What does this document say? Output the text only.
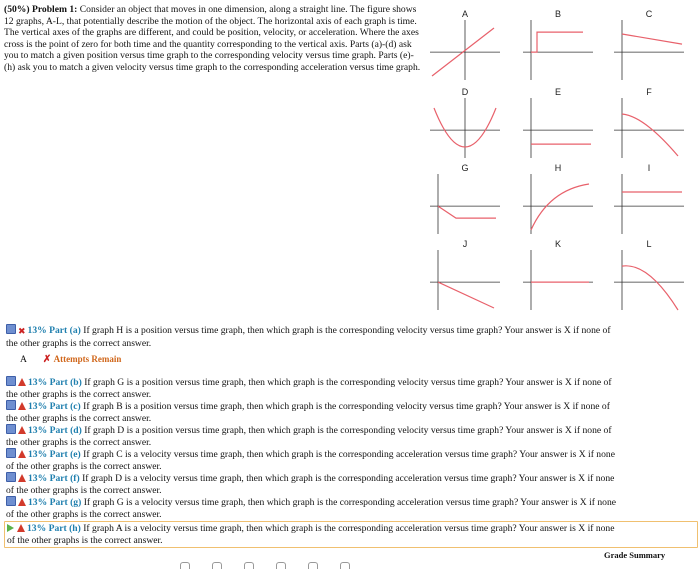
(50%) Problem 1: Consider an object that moves in one dimension, along a straight line. The figure shows 12 graphs, A-L, that potentially describe the motion of the object. The horizontal axis of each graph is time. The vertical axes of the graphs are different, and could be position, velocity, or acceleration. Where the axes cross is the point of zero for both time and the quantity corresponding to the vertical axis. Parts (a)-(d) ask you to match a given position versus time graph to the corresponding velocity versus time graph. Parts (e)-(h) ask you to match a given velocity versus time graph to the corresponding acceleration versus time graph.
A	B	C
D	E	F
G	H	I
J	K	L
✖ 13% Part (a) If graph H is a position versus time graph, then which graph is the corresponding velocity versus time graph? Your answer is X if none of
the other graphs is the correct answer.
A ✗ Attempts Remain
13% Part (b) If graph G is a position versus time graph, then which graph is the corresponding velocity versus time graph? Your answer is X if none of
the other graphs is the correct answer.
13% Part (c) If graph B is a position versus time graph, then which graph is the corresponding velocity versus time graph? Your answer is X if none of
the other graphs is the correct answer.
13% Part (d) If graph D is a position versus time graph, then which graph is the corresponding velocity versus time graph? Your answer is X if none of
the other graphs is the correct answer.
13% Part (e) If graph C is a velocity versus time graph, then which graph is the corresponding acceleration versus time graph? Your answer is X if none
of the other graphs is the correct answer.
13% Part (f) If graph D is a velocity versus time graph, then which graph is the corresponding acceleration versus time graph? Your answer is X if none
of the other graphs is the correct answer.
13% Part (g) If graph G is a velocity versus time graph, then which graph is the corresponding acceleration versus time graph? Your answer is X if none
of the other graphs is the correct answer.
13% Part (h) If graph A is a velocity versus time graph, then which graph is the corresponding acceleration versus time graph? Your answer is X if none
of the other graphs is the correct answer.
Grade Summary
